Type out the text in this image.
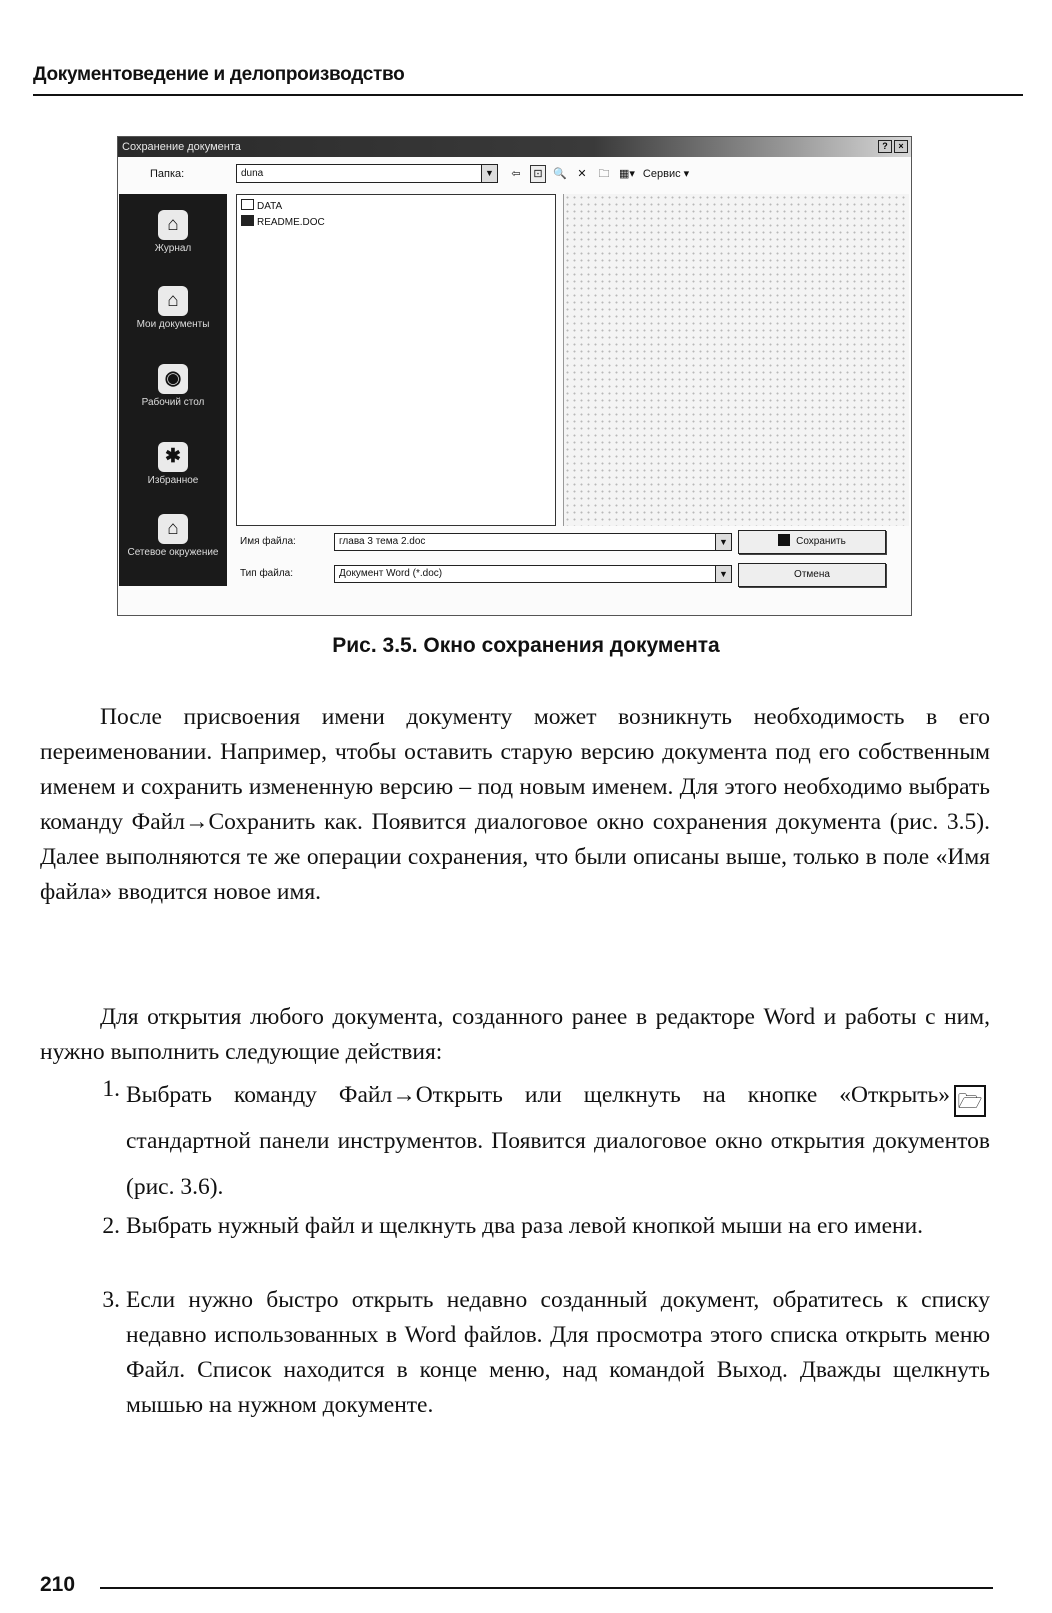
Документоведение и делопроизводство
Сохранение документа	?	×
Папка:	duna	▼	⇦	⊡ 🔍 ✕	🗀 ▦▾ Сервис ▾
⌂
Журнал
⌂
Мои документы
◉
Рабочий стол
✱
Избранное
⌂
Сетевое окружение
DATA
README.DOC
Имя файла:	глава 3 тема 2.doc	▼
Тип файла:	Документ Word (*.doc)	▼
Сохранить
Отмена
Рис. 3.5. Окно сохранения документа
После присвоения имени документу может возникнуть необходимость в его переименовании. Например, чтобы оставить старую версию документа под его собственным именем и сохранить измененную версию – под новым именем. Для этого необходимо выбрать команду Файл→Сохранить как. Появится диалоговое окно сохранения документа (рис. 3.5). Далее выполняются те же операции сохранения, что были описаны выше, только в поле «Имя файла» вводится новое имя.
Для открытия любого документа, созданного ранее в редакторе Word и работы с ним, нужно выполнить следующие действия:
1. Выбрать команду Файл→Открыть или щелкнуть на кнопке «Открыть» 🗁стандартной панели инструментов. Появится диалоговое окно открытия документов (рис. 3.6).
2. Выбрать нужный файл и щелкнуть два раза левой кнопкой мыши на его имени.
3. Если нужно быстро открыть недавно созданный документ, обратитесь к списку недавно использованных в Word файлов. Для просмотра этого списка открыть меню Файл. Список находится в конце меню, над командой Выход. Дважды щелкнуть мышью на нужном документе.
210
